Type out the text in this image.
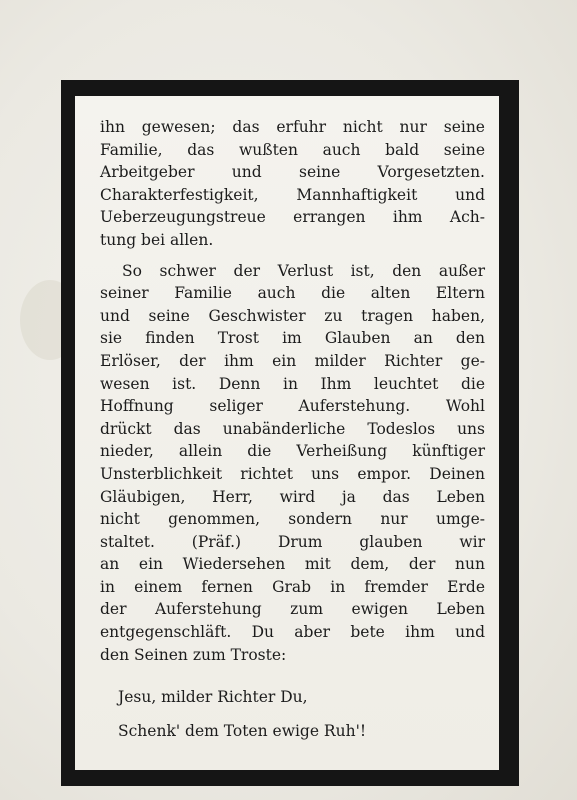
ihn gewesen; das erfuhr nicht nur seine
Familie, das wußten auch bald seine
Arbeitgeber und seine Vorgesetzten.
Charakterfestigkeit, Mannhaftigkeit und
Ueberzeugungstreue errangen ihm Ach-
tung bei allen.
So schwer der Verlust ist, den außer
seiner Familie auch die alten Eltern
und seine Geschwister zu tragen haben,
sie finden Trost im Glauben an den
Erlöser, der ihm ein milder Richter ge-
wesen ist. Denn in Ihm leuchtet die
Hoffnung seliger Auferstehung. Wohl
drückt das unabänderliche Todeslos uns
nieder, allein die Verheißung künftiger
Unsterblichkeit richtet uns empor. Deinen
Gläubigen, Herr, wird ja das Leben
nicht genommen, sondern nur umge-
staltet. (Präf.) Drum glauben wir
an ein Wiedersehen mit dem, der nun
in einem fernen Grab in fremder Erde
der Auferstehung zum ewigen Leben
entgegenschläft. Du aber bete ihm und
den Seinen zum Troste:
Jesu, milder Richter Du,
Schenk' dem Toten ewige Ruh'!
